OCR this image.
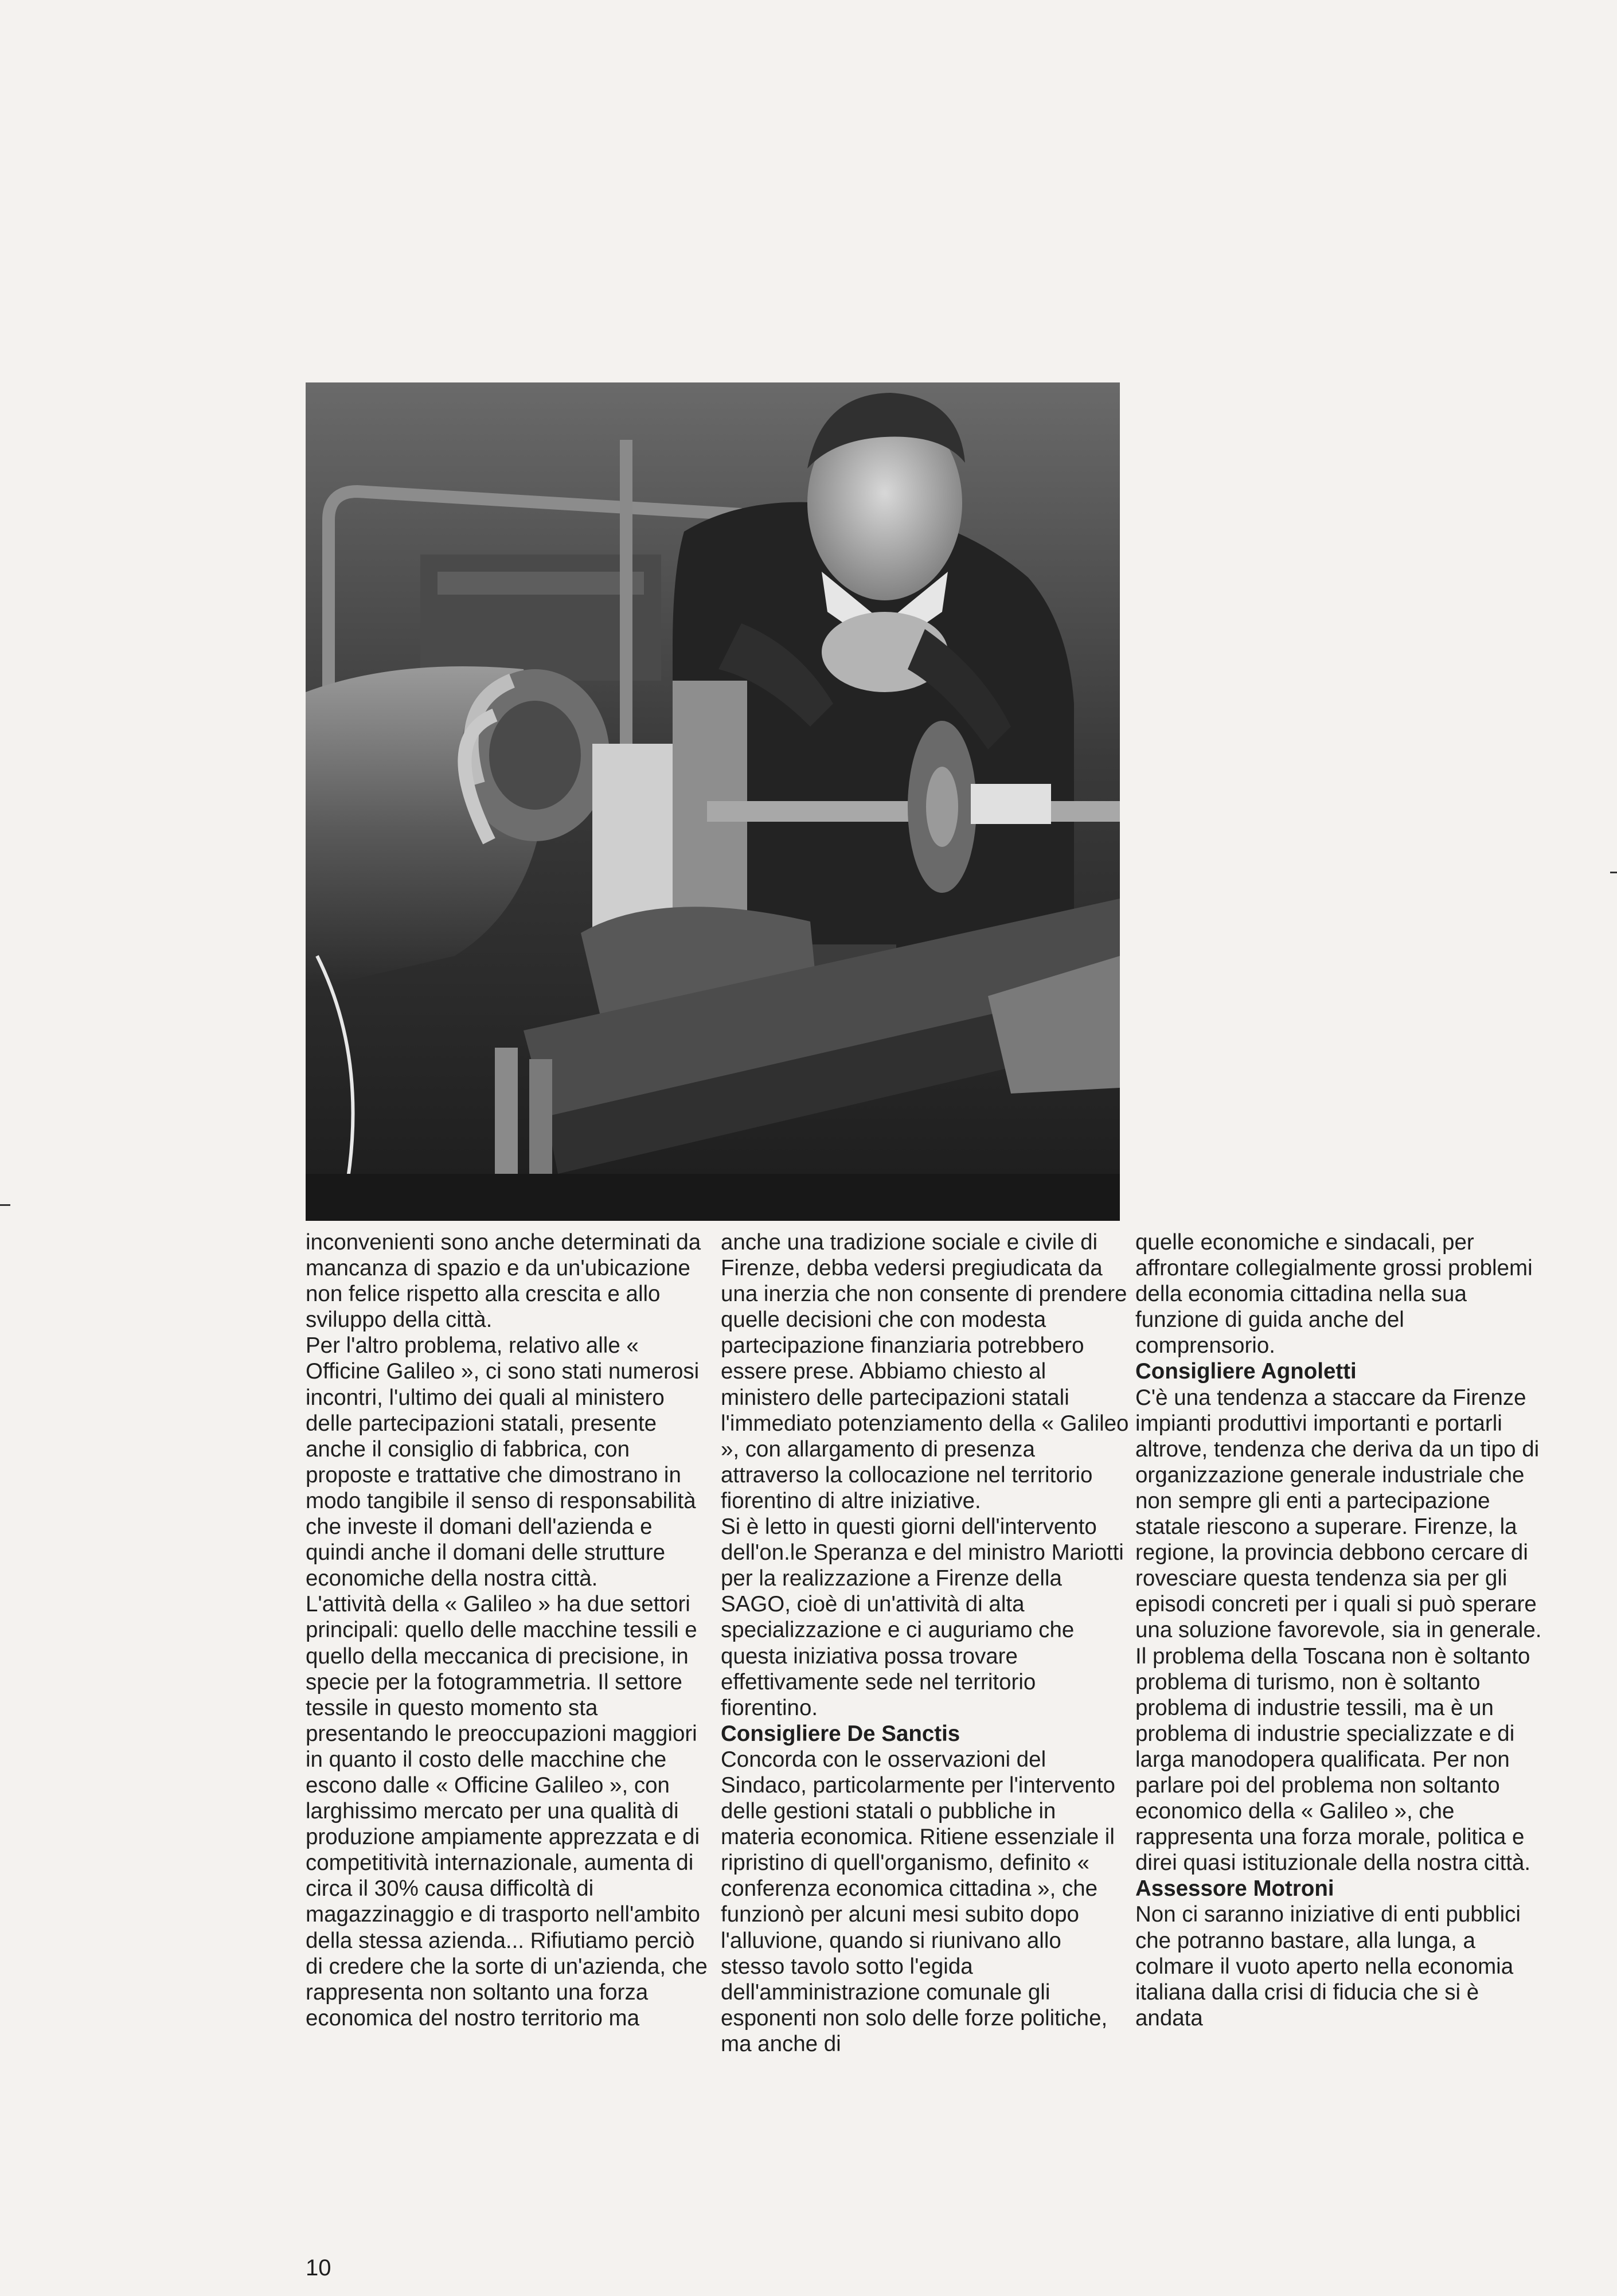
inconvenienti sono anche determinati da mancanza di spazio e da un'ubicazione non felice rispetto alla crescita e allo sviluppo della città.

Per l'altro problema, relativo alle « Officine Galileo », ci sono stati numerosi incontri, l'ultimo dei quali al ministero delle partecipazioni statali, presente anche il consiglio di fabbrica, con proposte e trattative che dimostrano in modo tangibile il senso di responsabilità che investe il domani dell'azienda e quindi anche il domani delle strutture economiche della nostra città.

L'attività della « Galileo » ha due settori principali: quello delle macchine tessili e quello della meccanica di precisione, in specie per la fotogrammetria. Il settore tessile in questo momento sta presentando le preoccupazioni maggiori in quanto il costo delle macchine che escono dalle « Officine Galileo », con larghissimo mercato per una qualità di produzione ampiamente apprezzata e di competitività internazionale, aumenta di circa il 30% causa difficoltà di magazzinaggio e di trasporto nell'ambito della stessa azienda... Rifiutiamo perciò di credere che la sorte di un'azienda, che rappresenta non soltanto una forza economica del nostro territorio ma

anche una tradizione sociale e civile di Firenze, debba vedersi pregiudicata da una inerzia che non consente di prendere quelle decisioni che con modesta partecipazione finanziaria potrebbero essere prese. Abbiamo chiesto al ministero delle partecipazioni statali l'immediato potenziamento della « Galileo », con allargamento di presenza attraverso la collocazione nel territorio fiorentino di altre iniziative.

Si è letto in questi giorni dell'intervento dell'on.le Speranza e del ministro Mariotti per la realizzazione a Firenze della SAGO, cioè di un'attività di alta specializzazione e ci auguriamo che questa iniziativa possa trovare effettivamente sede nel territorio fiorentino.

Consigliere De Sanctis

Concorda con le osservazioni del Sindaco, particolarmente per l'intervento delle gestioni statali o pubbliche in materia economica. Ritiene essenziale il ripristino di quell'organismo, definito « conferenza economica cittadina », che funzionò per alcuni mesi subito dopo l'alluvione, quando si riunivano allo stesso tavolo sotto l'egida dell'amministrazione comunale gli esponenti non solo delle forze politiche, ma anche di

quelle economiche e sindacali, per affrontare collegialmente grossi problemi della economia cittadina nella sua funzione di guida anche del comprensorio.

Consigliere Agnoletti

C'è una tendenza a staccare da Firenze impianti produttivi importanti e portarli altrove, tendenza che deriva da un tipo di organizzazione generale industriale che non sempre gli enti a partecipazione statale riescono a superare. Firenze, la regione, la provincia debbono cercare di rovesciare questa tendenza sia per gli episodi concreti per i quali si può sperare una soluzione favorevole, sia in generale. Il problema della Toscana non è soltanto problema di turismo, non è soltanto problema di industrie tessili, ma è un problema di industrie specializzate e di larga manodopera qualificata. Per non parlare poi del problema non soltanto economico della « Galileo », che rappresenta una forza morale, politica e direi quasi istituzionale della nostra città.

Assessore Motroni

Non ci saranno iniziative di enti pubblici che potranno bastare, alla lunga, a colmare il vuoto aperto nella economia italiana dalla crisi di fiducia che si è andata

10
